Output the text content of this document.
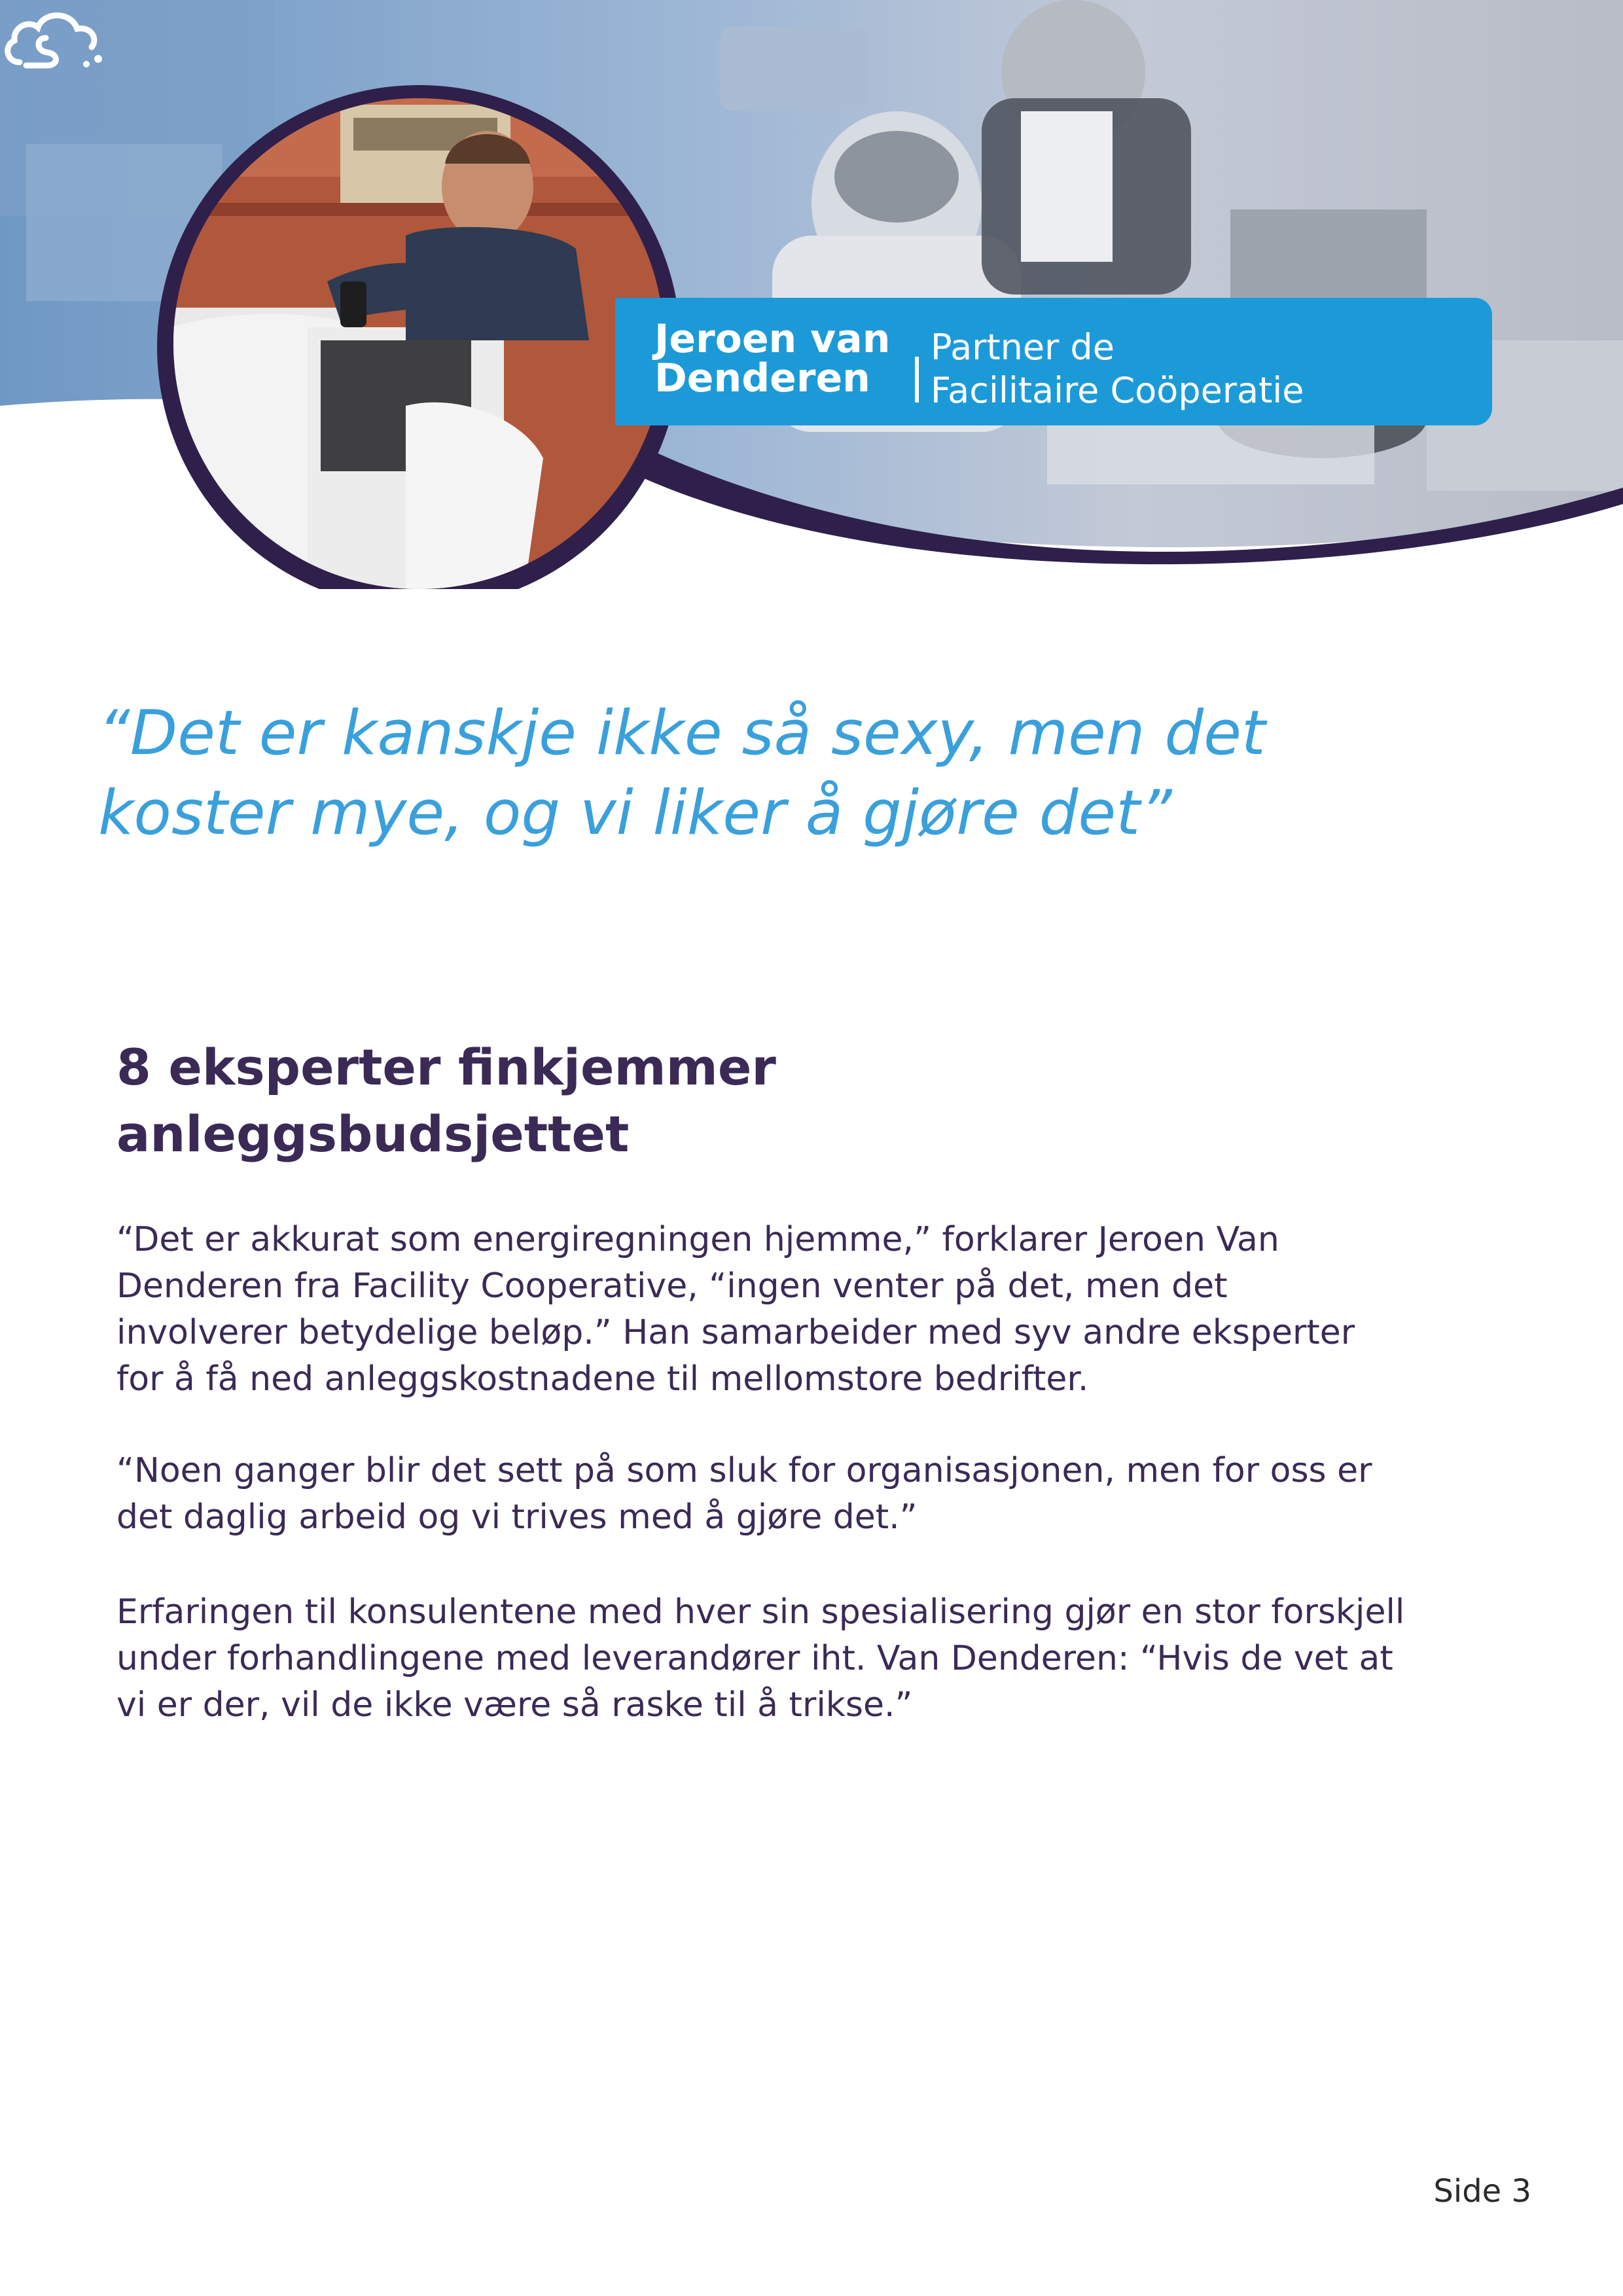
Jeroen van
Denderen
Partner de
Facilitaire Coöperatie
“Det er kanskje ikke så sexy, men det
koster mye, og vi liker å gjøre det”
8 eksperter finkjemmer
anleggsbudsjettet
“Det er akkurat som energiregningen hjemme,” forklarer Jeroen Van
Denderen fra Facility Cooperative, “ingen venter på det, men det
involverer betydelige beløp.” Han samarbeider med syv andre eksperter
for å få ned anleggskostnadene til mellomstore bedrifter.
“Noen ganger blir det sett på som sluk for organisasjonen, men for oss er
det daglig arbeid og vi trives med å gjøre det.”
Erfaringen til konsulentene med hver sin spesialisering gjør en stor forskjell
under forhandlingene med leverandører iht. Van Denderen: “Hvis de vet at
vi er der, vil de ikke være så raske til å trikse.”
Side 3
